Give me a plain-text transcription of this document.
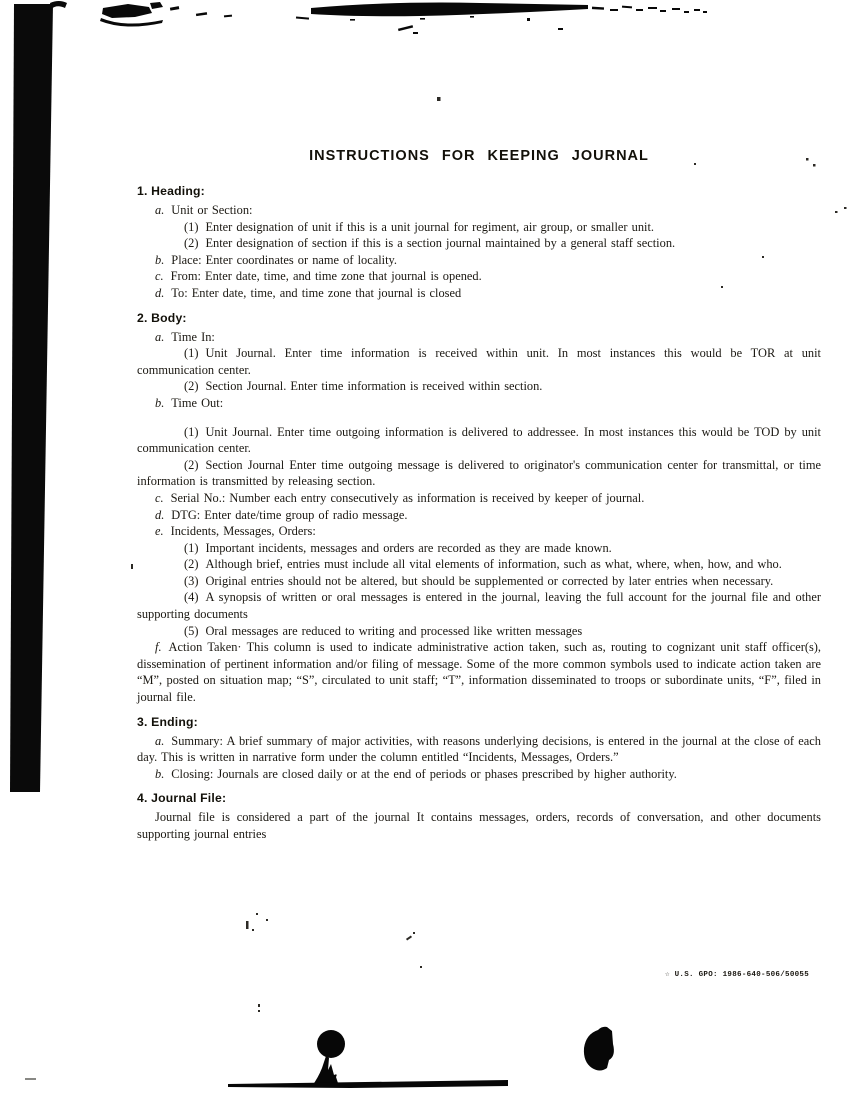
INSTRUCTIONS FOR KEEPING JOURNAL
1. Heading:

a. Unit or Section:

(1) Enter designation of unit if this is a unit journal for regiment, air group, or smaller unit.

(2) Enter designation of section if this is a section journal maintained by a general staff section.

b. Place: Enter coordinates or name of locality.

c. From: Enter date, time, and time zone that journal is opened.

d. To: Enter date, time, and time zone that journal is closed

2. Body:

a. Time In:

(1) Unit Journal. Enter time information is received within unit. In most instances this would be TOR at unit communication center.

(2) Section Journal. Enter time information is received within section.

b. Time Out:

(1) Unit Journal. Enter time outgoing information is delivered to addressee. In most instances this would be TOD by unit communication center.

(2) Section Journal Enter time outgoing message is delivered to originator's communication center for transmittal, or time information is transmitted by releasing section.

c. Serial No.: Number each entry consecutively as information is received by keeper of journal.

d. DTG: Enter date/time group of radio message.

e. Incidents, Messages, Orders:

(1) Important incidents, messages and orders are recorded as they are made known.

(2) Although brief, entries must include all vital elements of information, such as what, where, when, how, and who.

(3) Original entries should not be altered, but should be supplemented or corrected by later entries when necessary.

(4) A synopsis of written or oral messages is entered in the journal, leaving the full account for the journal file and other supporting documents

(5) Oral messages are reduced to writing and processed like written messages

f. Action Taken· This column is used to indicate administrative action taken, such as, routing to cognizant unit staff officer(s), dissemination of pertinent information and/or filing of message. Some of the more common symbols used to indicate action taken are “M”, posted on situation map; “S”, circulated to unit staff; “T”, information disseminated to troops or subordinate units, “F”, filed in journal file.

3. Ending:

a. Summary: A brief summary of major activities, with reasons underlying decisions, is entered in the journal at the close of each day. This is written in narrative form under the column entitled “Incidents, Messages, Orders.”

b. Closing: Journals are closed daily or at the end of periods or phases prescribed by higher authority.

4. Journal File:

Journal file is considered a part of the journal It contains messages, orders, records of conversation, and other documents supporting journal entries

☆ U.S. GPO: 1986-640-506/50055
